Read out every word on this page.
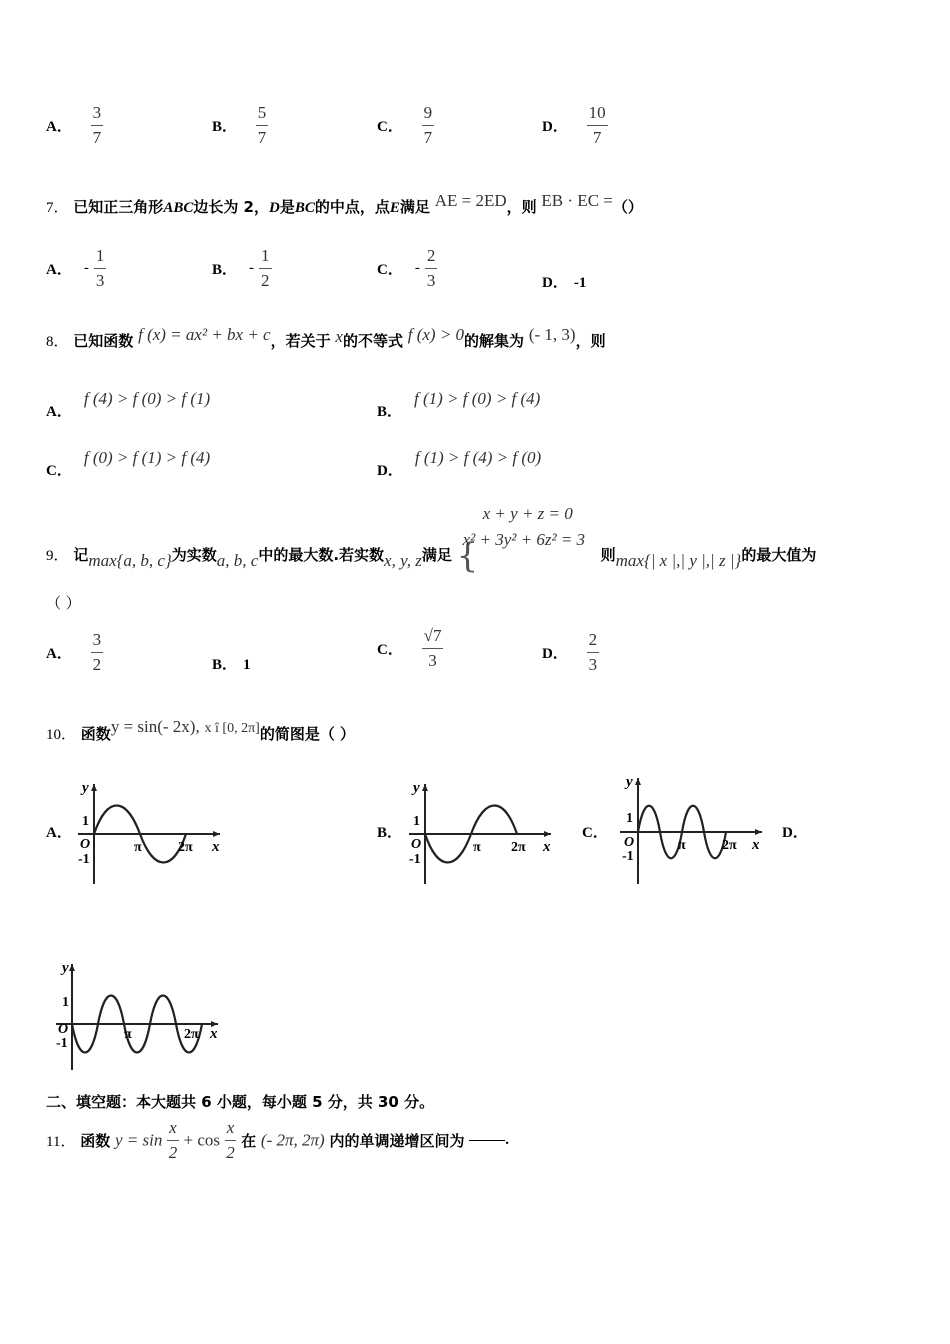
A． $\frac{3}{7}$	B． $\frac{5}{7}$	C． $\frac{9}{7}$	D． $\frac{10}{7}$
7． 已知正三角形ABC边长为 2，D是BC的中点，点E满足 AE = 2ED，则 EB · EC =（）
A． - $\frac{1}{3}$	B． - $\frac{1}{2}$	C． - $\frac{2}{3}$	D． -1
8． 已知函数 f (x) = ax² + bx + c，若关于 x的不等式 f (x) > 0的解集为 (- 1, 3)，则
A．f (4) > f (0) > f (1)
B．f (1) > f (0) > f (4)
C．f (0) > f (1) > f (4)
D．f (1) > f (4) > f (0)
9． 记max{a, b, c}为实数a, b, c中的最大数.若实数x, y, z满足 {
x + y + z = 0
x² + 3y² + 6z² = 3
则max{| x |,| y |,| z |}的最大值为
（ ）
A． $\frac{3}{2}$	B． 1
C． $\frac{√7}{3}$	D． $\frac{2}{3}$
10． 函数y = sin(- 2x), x î [0, 2π]的简图是（ ）
A．	B．	C．	D．
y
1
O
-1
π	2π x
y
1
O
-1
π 2π x
y
1
O
-1
π	2π x
y
1
O
-1
π	2π x
二、填空题：本大题共 6 小题，每小题 5 分，共 30 分。
11． 函数 $y = \sin \frac{x}{2} + \cos \frac{x}{2}$ 在 (- 2π, 2π) 内的单调递增区间为	.
